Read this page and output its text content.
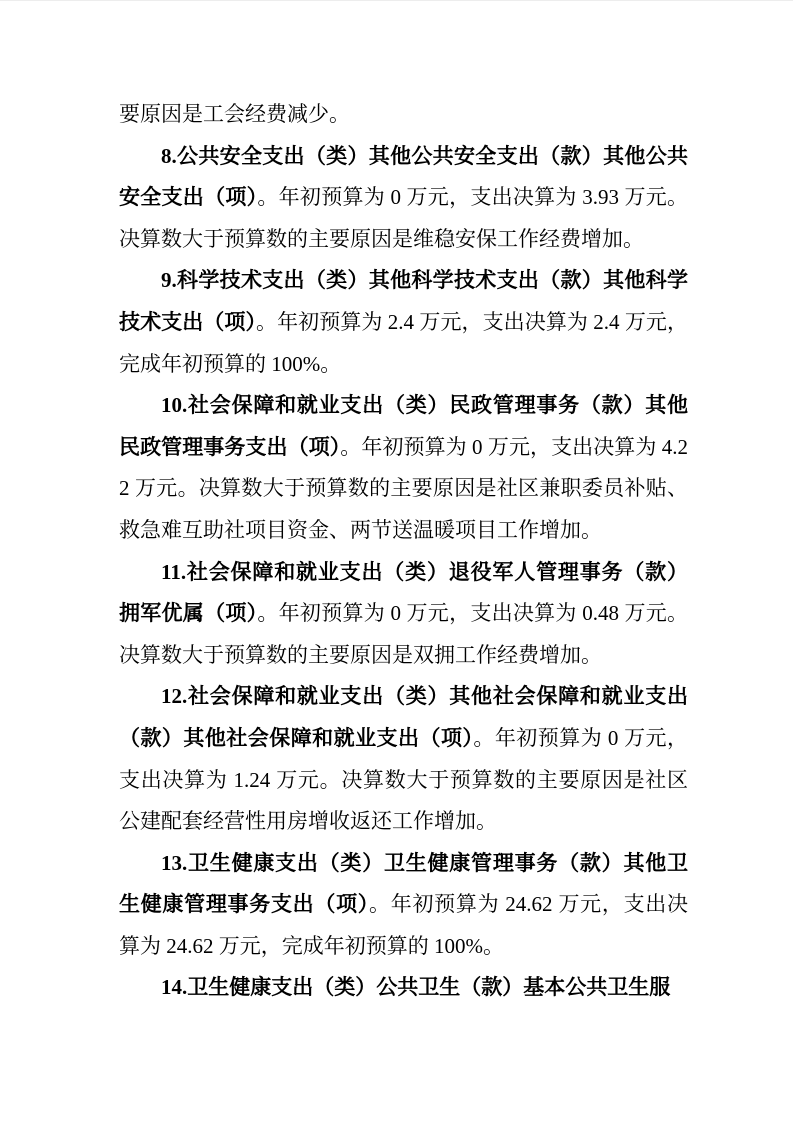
要原因是工会经费减少。

8.公共安全支出（类）其他公共安全支出（款）其他公共安全支出（项）。年初预算为 0 万元，支出决算为 3.93 万元。决算数大于预算数的主要原因是维稳安保工作经费增加。

9.科学技术支出（类）其他科学技术支出（款）其他科学技术支出（项）。年初预算为 2.4 万元，支出决算为 2.4 万元，完成年初预算的 100%。

10.社会保障和就业支出（类）民政管理事务（款）其他民政管理事务支出（项）。年初预算为 0 万元，支出决算为 4.22 万元。决算数大于预算数的主要原因是社区兼职委员补贴、救急难互助社项目资金、两节送温暖项目工作增加。

11.社会保障和就业支出（类）退役军人管理事务（款）拥军优属（项）。年初预算为 0 万元，支出决算为 0.48 万元。决算数大于预算数的主要原因是双拥工作经费增加。

12.社会保障和就业支出（类）其他社会保障和就业支出（款）其他社会保障和就业支出（项）。年初预算为 0 万元，支出决算为 1.24 万元。决算数大于预算数的主要原因是社区公建配套经营性用房增收返还工作增加。

13.卫生健康支出（类）卫生健康管理事务（款）其他卫生健康管理事务支出（项）。年初预算为 24.62 万元，支出决算为 24.62 万元，完成年初预算的 100%。

14.卫生健康支出（类）公共卫生（款）基本公共卫生服
